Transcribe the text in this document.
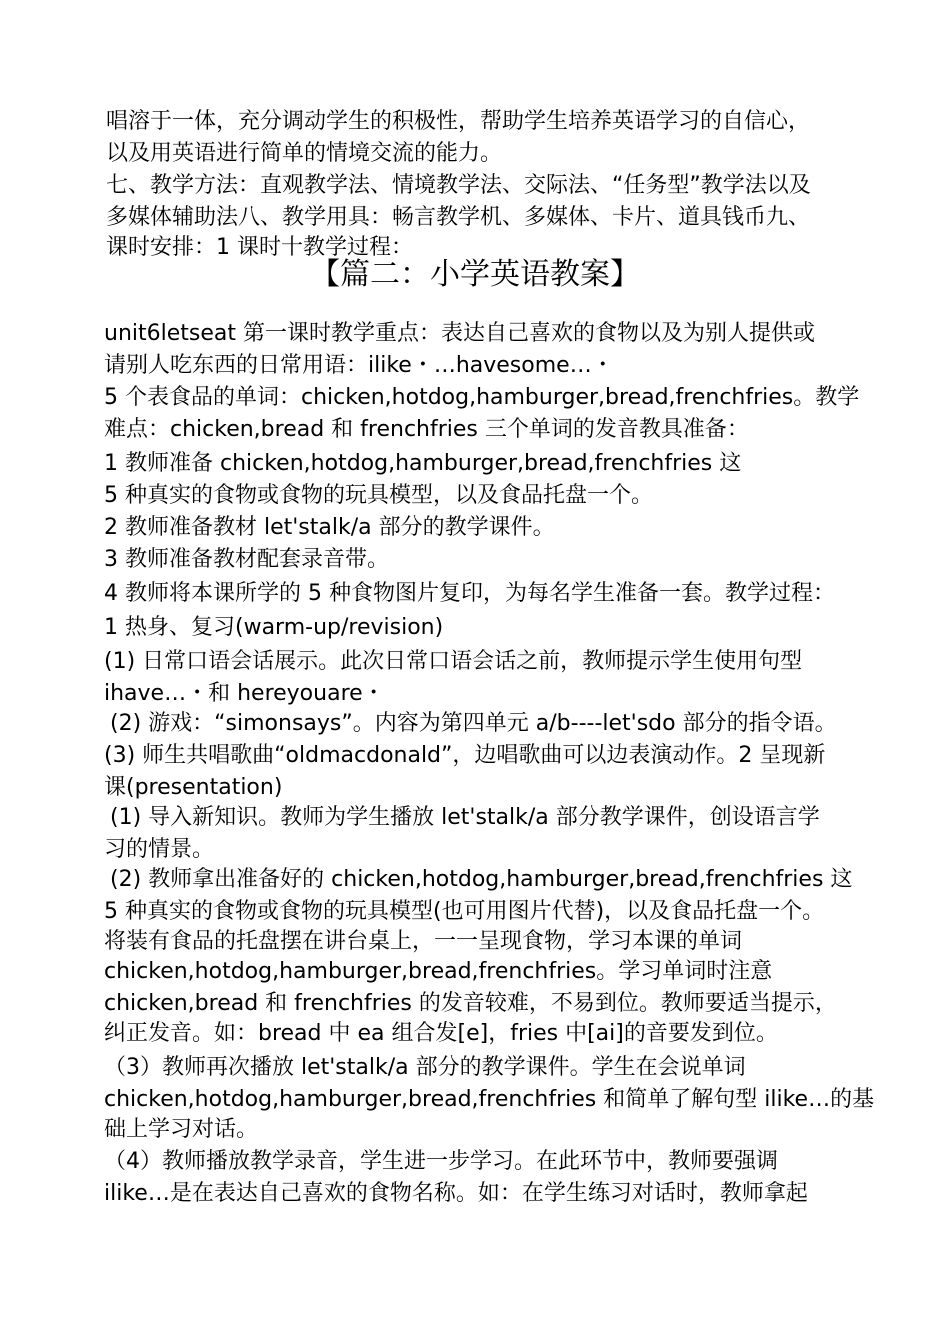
唱溶于一体，充分调动学生的积极性，帮助学生培养英语学习的自信心，
以及用英语进行简单的情境交流的能力。
七、教学方法：直观教学法、情境教学法、交际法、“任务型”教学法以及
多媒体辅助法八、教学用具：畅言教学机、多媒体、卡片、道具钱币九、
课时安排：1 课时十教学过程：
【篇二：小学英语教案】
unit6letseat 第一课时教学重点：表达自己喜欢的食物以及为别人提供或
请别人吃东西的日常用语：ilike・…havesome…・
5 个表食品的单词：chicken,hotdog,hamburger,bread,frenchfries。教学
难点：chicken,bread 和 frenchfries 三个单词的发音教具准备：
1 教师准备 chicken,hotdog,hamburger,bread,frenchfries 这
5 种真实的食物或食物的玩具模型，以及食品托盘一个。
2 教师准备教材 let'stalk/a 部分的教学课件。
3 教师准备教材配套录音带。
4 教师将本课所学的 5 种食物图片复印，为每名学生准备一套。教学过程：
1 热身、复习(warm-up/revision)
(1) 日常口语会话展示。此次日常口语会话之前，教师提示学生使用句型
ihave…・和 hereyouare・
(2) 游戏：“simonsays”。内容为第四单元 a/b----let'sdo 部分的指令语。
(3) 师生共唱歌曲“oldmacdonald”，边唱歌曲可以边表演动作。2 呈现新
课(presentation)
(1) 导入新知识。教师为学生播放 let'stalk/a 部分教学课件，创设语言学
习的情景。
(2) 教师拿出准备好的 chicken,hotdog,hamburger,bread,frenchfries 这
5 种真实的食物或食物的玩具模型(也可用图片代替)，以及食品托盘一个。
将装有食品的托盘摆在讲台桌上，一一呈现食物，学习本课的单词
chicken,hotdog,hamburger,bread,frenchfries。学习单词时注意
chicken,bread 和 frenchfries 的发音较难，不易到位。教师要适当提示，
纠正发音。如：bread 中 ea 组合发[e]，fries 中[ai]的音要发到位。
（3）教师再次播放 let'stalk/a 部分的教学课件。学生在会说单词
chicken,hotdog,hamburger,bread,frenchfries 和简单了解句型 ilike…的基
础上学习对话。
（4）教师播放教学录音，学生进一步学习。在此环节中，教师要强调
ilike…是在表达自己喜欢的食物名称。如：在学生练习对话时，教师拿起
